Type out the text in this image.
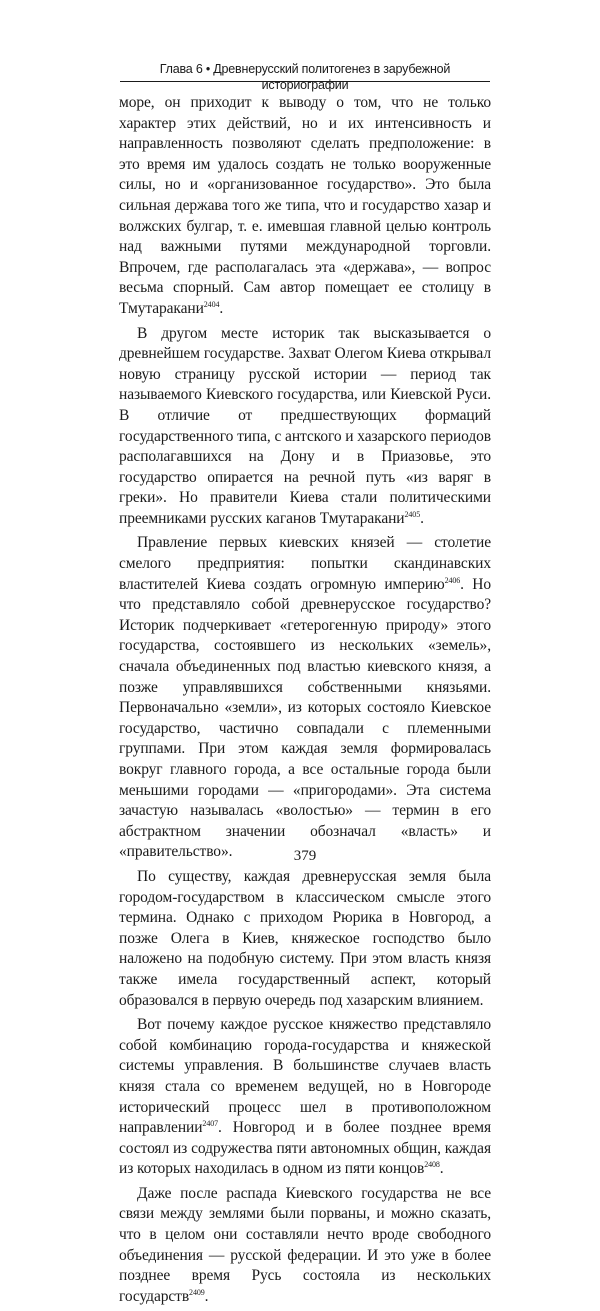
Глава 6 • Древнерусский политогенез в зарубежной историографии

море, он приходит к выводу о том, что не только характер этих действий, но и их интенсивность и направленность позволяют сделать предположение: в это время им удалось создать не только вооруженные силы, но и «организованное государство». Это была сильная держава того же типа, что и государство хазар и волжских булгар, т. е. имевшая главной целью контроль над важными путями международной торговли. Впрочем, где располагалась эта «держава», — вопрос весьма спорный. Сам автор помещает ее столицу в Тмутаракани$^{2404}$.

В другом месте историк так высказывается о древнейшем государстве. Захват Олегом Киева открывал новую страницу русской истории — период так называемого Киевского государства, или Киевской Руси. В отличие от предшествующих формаций государственного типа, с антского и хазарского периодов располагавшихся на Дону и в Приазовье, это государство опирается на речной путь «из варяг в греки». Но правители Киева стали политическими преемниками русских каганов Тмутаракани$^{2405}$.

Правление первых киевских князей — столетие смелого предприятия: попытки скандинавских властителей Киева создать огромную империю$^{2406}$. Но что представляло собой древнерусское государство? Историк подчеркивает «гетерогенную природу» этого государства, состоявшего из нескольких «земель», сначала объединенных под властью киевского князя, а позже управлявшихся собственными князьями. Первоначально «земли», из которых состояло Киевское государство, частично совпадали с племенными группами. При этом каждая земля формировалась вокруг главного города, а все остальные города были меньшими городами — «пригородами». Эта система зачастую называлась «волостью» — термин в его абстрактном значении обозначал «власть» и «правительство».

По существу, каждая древнерусская земля была городом-государством в классическом смысле этого термина. Однако с приходом Рюрика в Новгород, а позже Олега в Киев, княжеское господство было наложено на подобную систему. При этом власть князя также имела государственный аспект, который образовался в первую очередь под хазарским влиянием.

Вот почему каждое русское княжество представляло собой комбинацию города-государства и княжеской системы управления. В большинстве случаев власть князя стала со временем ведущей, но в Новгороде исторический процесс шел в противоположном направлении$^{2407}$. Новгород и в более позднее время состоял из содружества пяти автономных общин, каждая из которых находилась в одном из пяти концов$^{2408}$.

Даже после распада Киевского государства не все связи между землями были порваны, и можно сказать, что в целом они составляли нечто вроде свободного объединения — русской федерации. И это уже в более позднее время Русь состояла из нескольких государств$^{2409}$.

379
